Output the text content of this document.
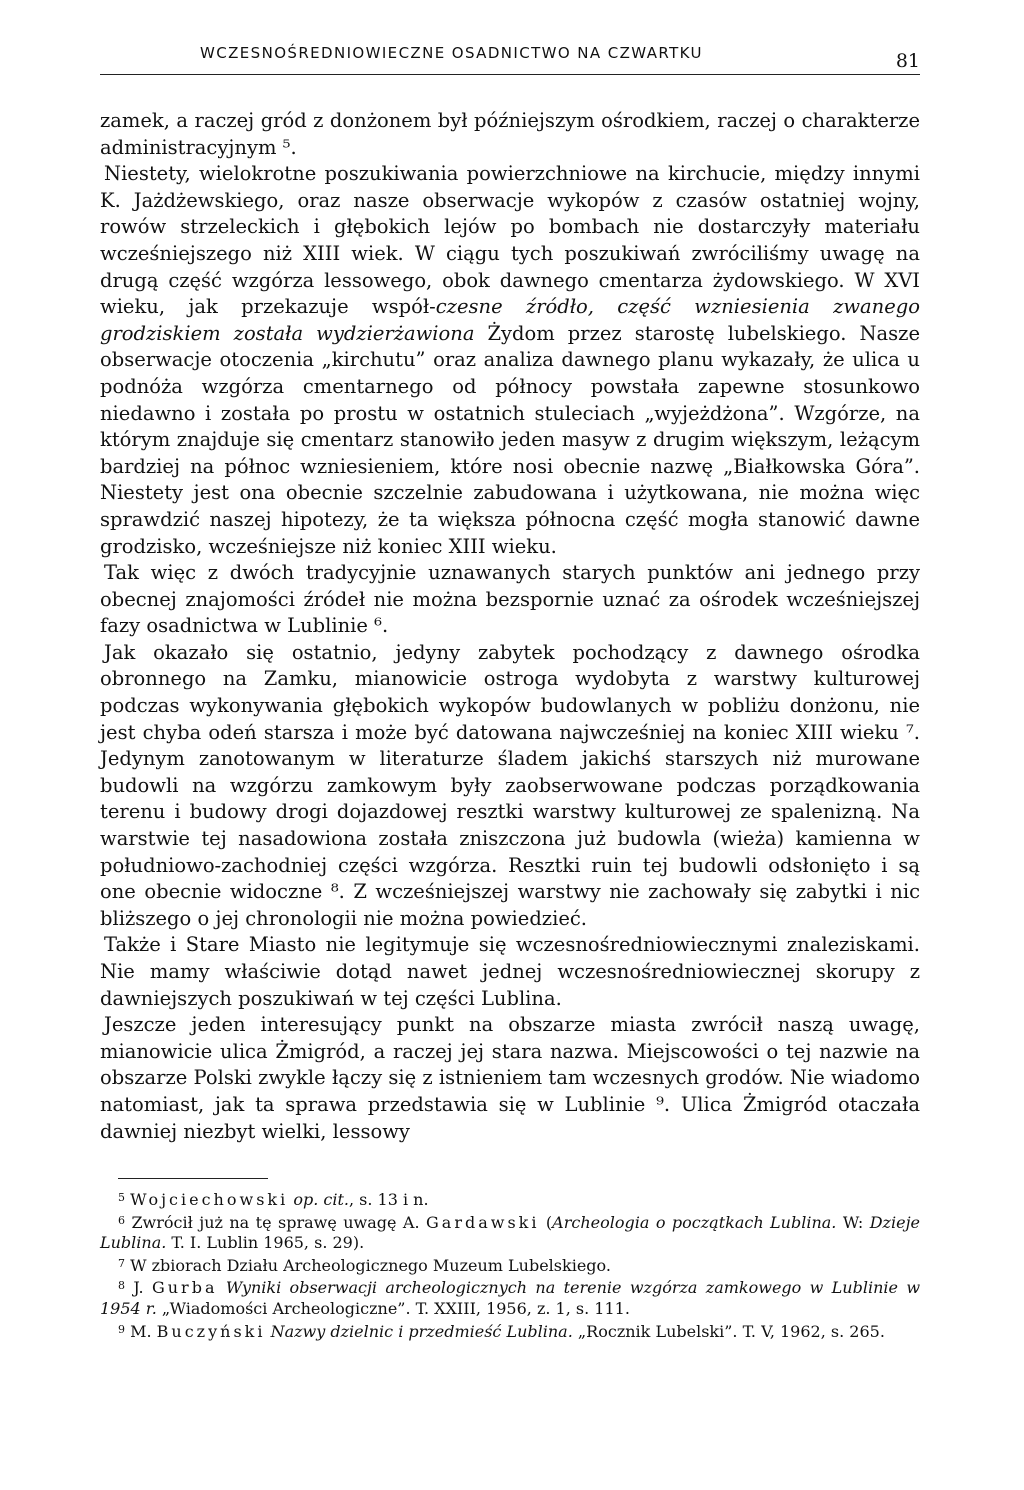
WCZESNOŚREDNIOWIECZNE OSADNICTWO NA CZWARTKU	81

zamek, a raczej gród z donżonem był późniejszym ośrodkiem, raczej o charakterze administracyjnym ⁵.

Niestety, wielokrotne poszukiwania powierzchniowe na kirchucie, między innymi K. Jażdżewskiego, oraz nasze obserwacje wykopów z czasów ostatniej wojny, rowów strzeleckich i głębokich lejów po bombach nie dostarczyły materiału wcześniejszego niż XIII wiek. W ciągu tych poszukiwań zwróciliśmy uwagę na drugą część wzgórza lessowego, obok dawnego cmentarza żydowskiego. W XVI wieku, jak przekazuje współ-czesne źródło, część wzniesienia zwanego grodziskiem została wydzierżawiona Żydom przez starostę lubelskiego. Nasze obserwacje otoczenia „kirchutu” oraz analiza dawnego planu wykazały, że ulica u podnóża wzgórza cmentarnego od północy powstała zapewne stosunkowo niedawno i została po prostu w ostatnich stuleciach „wyjeżdżona”. Wzgórze, na którym znajduje się cmentarz stanowiło jeden masyw z drugim większym, leżącym bardziej na północ wzniesieniem, które nosi obecnie nazwę „Białkowska Góra”. Niestety jest ona obecnie szczelnie zabudowana i użytkowana, nie można więc sprawdzić naszej hipotezy, że ta większa północna część mogła stanowić dawne grodzisko, wcześniejsze niż koniec XIII wieku.

Tak więc z dwóch tradycyjnie uznawanych starych punktów ani jednego przy obecnej znajomości źródeł nie można bezspornie uznać za ośrodek wcześniejszej fazy osadnictwa w Lublinie ⁶.

Jak okazało się ostatnio, jedyny zabytek pochodzący z dawnego ośrodka obronnego na Zamku, mianowicie ostroga wydobyta z warstwy kulturowej podczas wykonywania głębokich wykopów budowlanych w pobliżu donżonu, nie jest chyba odeń starsza i może być datowana najwcześniej na koniec XIII wieku ⁷. Jedynym zanotowanym w literaturze śladem jakichś starszych niż murowane budowli na wzgórzu zamkowym były zaobserwowane podczas porządkowania terenu i budowy drogi dojazdowej resztki warstwy kulturowej ze spalenizną. Na warstwie tej nasadowiona została zniszczona już budowla (wieża) kamienna w południowo-zachodniej części wzgórza. Resztki ruin tej budowli odsłonięto i są one obecnie widoczne ⁸. Z wcześniejszej warstwy nie zachowały się zabytki i nic bliższego o jej chronologii nie można powiedzieć.

Także i Stare Miasto nie legitymuje się wczesnośredniowiecznymi znaleziskami. Nie mamy właściwie dotąd nawet jednej wczesnośredniowiecznej skorupy z dawniejszych poszukiwań w tej części Lublina.

Jeszcze jeden interesujący punkt na obszarze miasta zwrócił naszą uwagę, mianowicie ulica Żmigród, a raczej jej stara nazwa. Miejscowości o tej nazwie na obszarze Polski zwykle łączy się z istnieniem tam wczesnych grodów. Nie wiadomo natomiast, jak ta sprawa przedstawia się w Lublinie ⁹. Ulica Żmigród otaczała dawniej niezbyt wielki, lessowy

$^5$ Wojciechowski op. cit., s. 13 i n.

$^6$ Zwrócił już na tę sprawę uwagę A. Gardawski (Archeologia o początkach Lublina. W: Dzieje Lublina. T. I. Lublin 1965, s. 29).

$^7$ W zbiorach Działu Archeologicznego Muzeum Lubelskiego.

$^8$ J. Gurba Wyniki obserwacji archeologicznych na terenie wzgórza zamkowego w Lublinie w 1954 r. „Wiadomości Archeologiczne”. T. XXIII, 1956, z. 1, s. 111.

$^9$ M. Buczyński Nazwy dzielnic i przedmieść Lublina. „Rocznik Lubelski”. T. V, 1962, s. 265.
